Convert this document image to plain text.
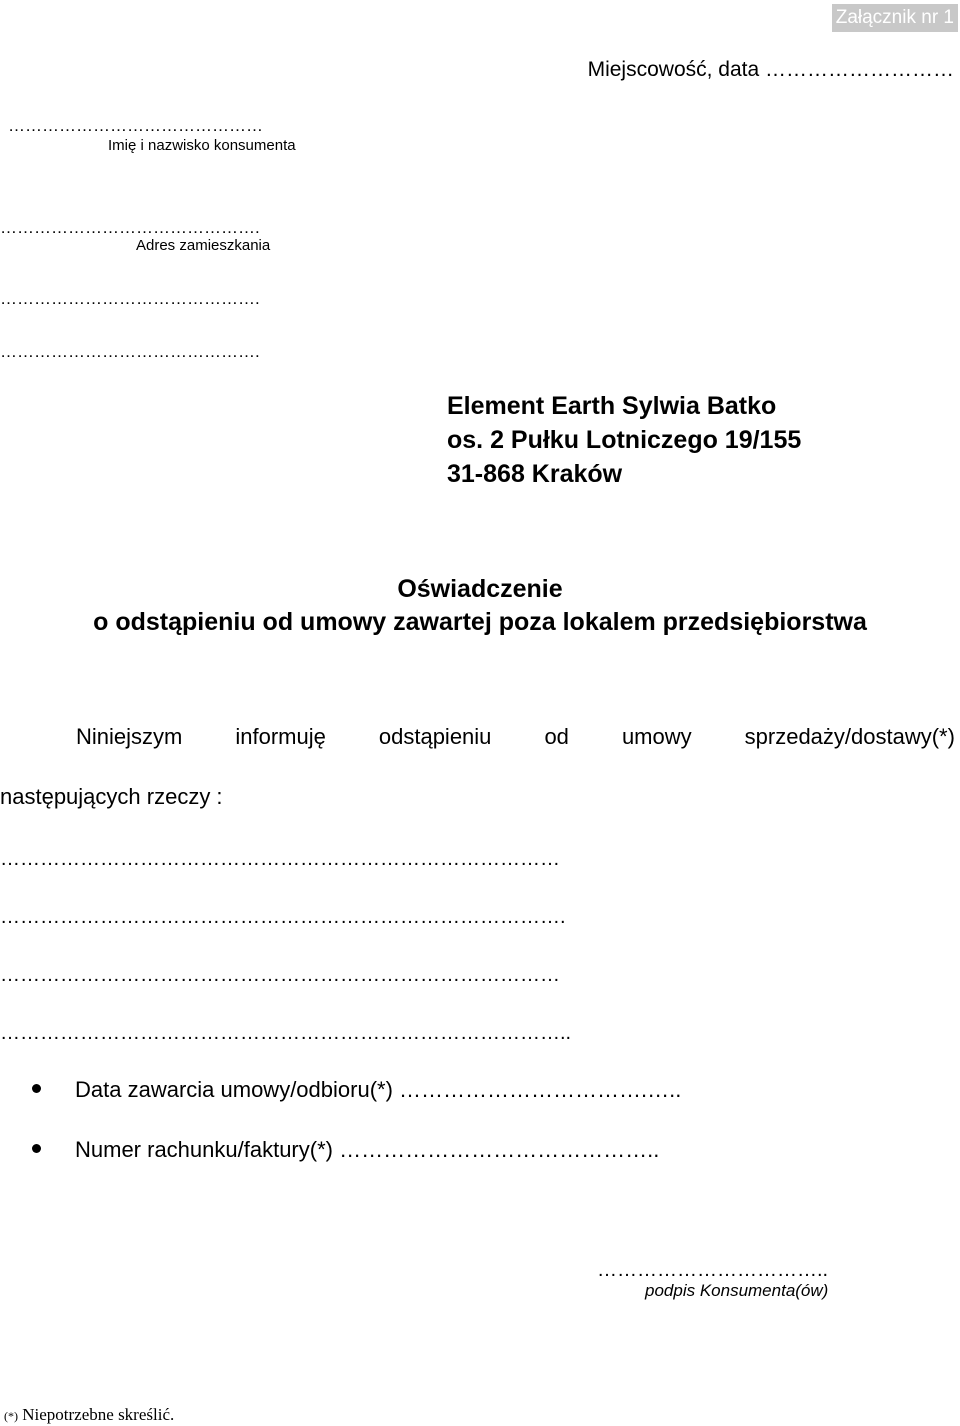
Załącznik nr 1
Miejscowość, data ………………………
………………………………………
Imię i nazwisko konsumenta
……………………………………….
Adres zamieszkania
……………………………………….
……………………………………….
Element Earth Sylwia Batko
os. 2 Pułku Lotniczego 19/155
31-868 Kraków
Oświadczenie
o odstąpieniu od umowy zawartej poza lokalem przedsiębiorstwa
Niniejszym informuję odstąpieniu od umowy sprzedaży/dostawy(*)
następujących rzeczy :
…………………………………………………………………………
………………………………………………………………………….
…………………………………………………………………………
…………………………………………………………………………..
Data zawarcia umowy/odbioru(*) …………………………….…..
Numer rachunku/faktury(*) ……………………………………..
……………………………..
podpis Konsumenta(ów)
(*) Niepotrzebne skreślić.
